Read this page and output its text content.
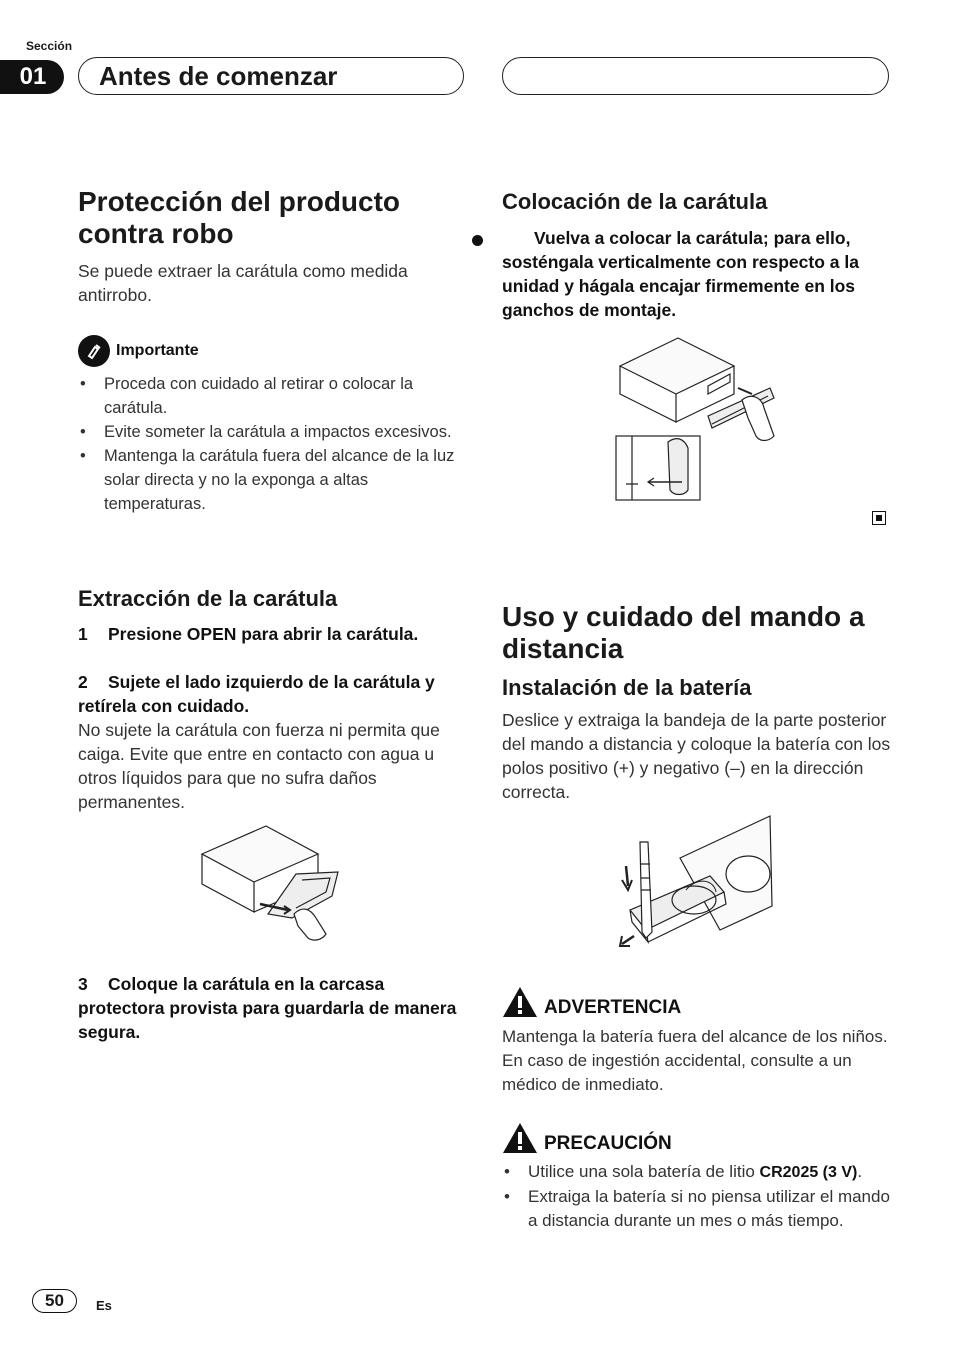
Sección
01	Antes de comenzar
Protección del producto contra robo
Se puede extraer la carátula como medida antirrobo.
Importante
• Proceda con cuidado al retirar o colocar la carátula.
• Evite someter la carátula a impactos excesivos.
• Mantenga la carátula fuera del alcance de la luz solar directa y no la exponga a altas temperaturas.
Extracción de la carátula
1 Presione OPEN para abrir la carátula.
2 Sujete el lado izquierdo de la carátula y retírela con cuidado.
No sujete la carátula con fuerza ni permita que caiga. Evite que entre en contacto con agua u otros líquidos para que no sufra daños permanentes.
3 Coloque la carátula en la carcasa protectora provista para guardarla de manera segura.
Colocación de la carátula
Vuelva a colocar la carátula; para ello, sosténgala verticalmente con respecto a la unidad y hágala encajar firmemente en los ganchos de montaje.
Uso y cuidado del mando a distancia
Instalación de la batería
Deslice y extraiga la bandeja de la parte posterior del mando a distancia y coloque la batería con los polos positivo (+) y negativo (–) en la dirección correcta.
ADVERTENCIA
Mantenga la batería fuera del alcance de los niños. En caso de ingestión accidental, consulte a un médico de inmediato.
PRECAUCIÓN
• Utilice una sola batería de litio CR2025 (3 V).
• Extraiga la batería si no piensa utilizar el mando a distancia durante un mes o más tiempo.
50	Es
